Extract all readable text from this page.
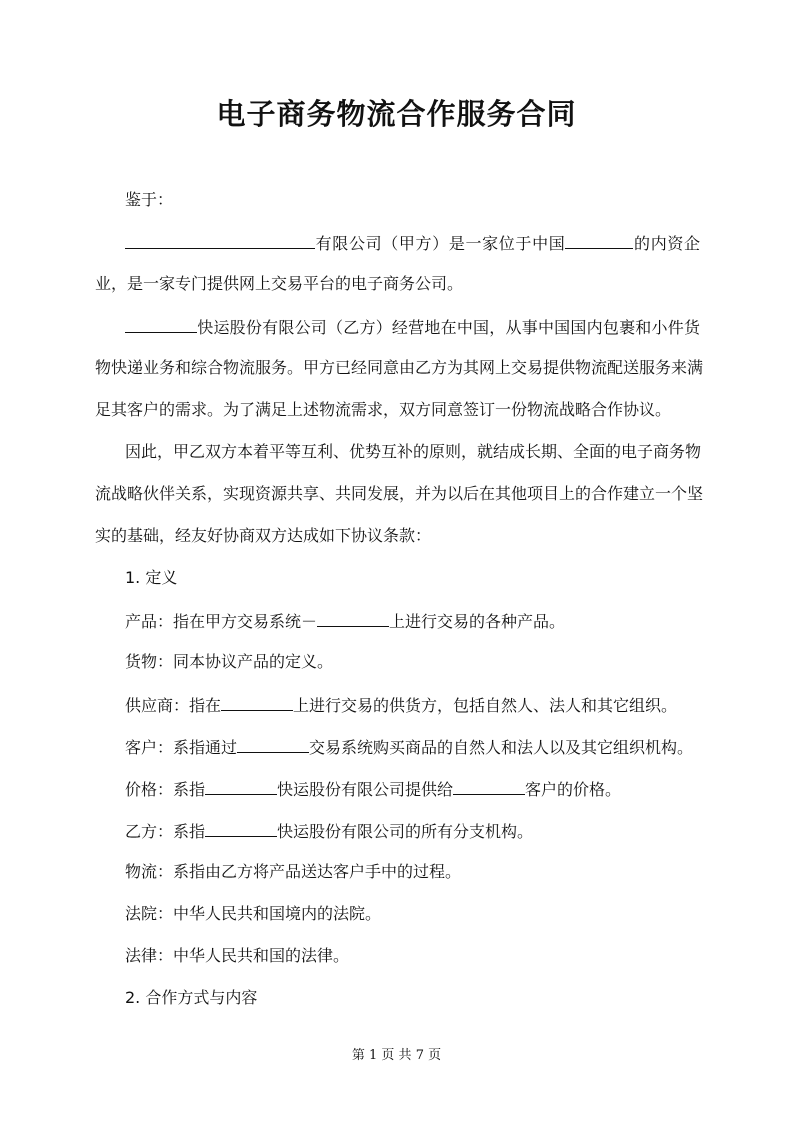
电子商务物流合作服务合同

鉴于：

有限公司（甲方）是一家位于中国	的内资企

业，是一家专门提供网上交易平台的电子商务公司。

快运股份有限公司（乙方）经营地在中国，从事中国国内包裹和小件货

物快递业务和综合物流服务。甲方已经同意由乙方为其网上交易提供物流配送服务来满

足其客户的需求。为了满足上述物流需求，双方同意签订一份物流战略合作协议。

因此，甲乙双方本着平等互利、优势互补的原则，就结成长期、全面的电子商务物

流战略伙伴关系，实现资源共享、共同发展，并为以后在其他项目上的合作建立一个坚

实的基础，经友好协商双方达成如下协议条款：

1. 定义

产品：指在甲方交易系统－	上进行交易的各种产品。

货物：同本协议产品的定义。

供应商：指在	上进行交易的供货方，包括自然人、法人和其它组织。

客户：系指通过	交易系统购买商品的自然人和法人以及其它组织机构。

价格：系指	快运股份有限公司提供给	客户的价格。

乙方：系指	快运股份有限公司的所有分支机构。

物流：系指由乙方将产品送达客户手中的过程。

法院：中华人民共和国境内的法院。

法律：中华人民共和国的法律。

2. 合作方式与内容

第 1 页 共 7 页
